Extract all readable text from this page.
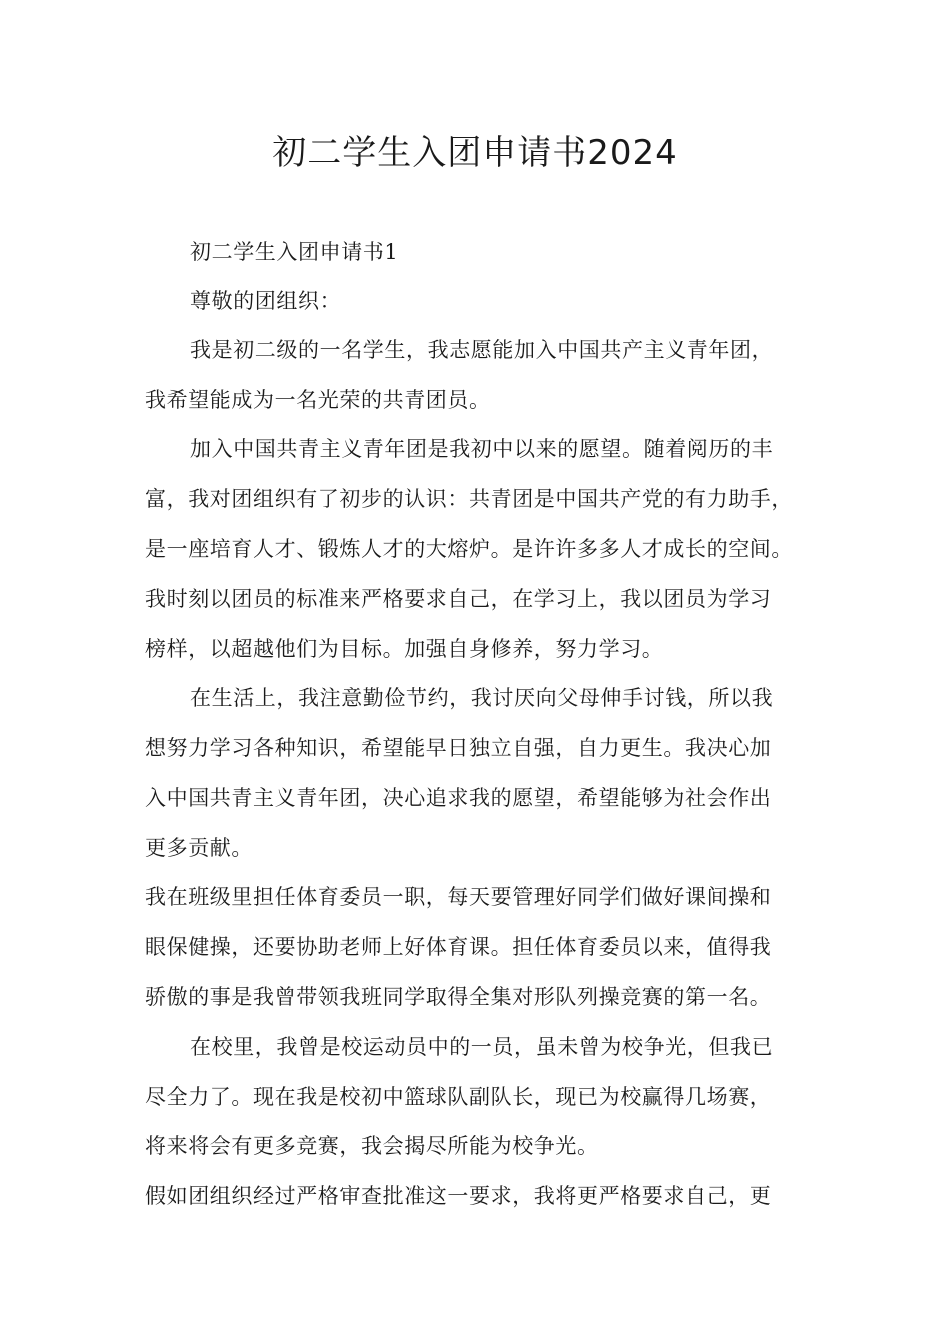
初二学生入团申请书2024
初二学生入团申请书1
尊敬的团组织：
我是初二级的一名学生，我志愿能加入中国共产主义青年团，
我希望能成为一名光荣的共青团员。
加入中国共青主义青年团是我初中以来的愿望。随着阅历的丰
富，我对团组织有了初步的认识：共青团是中国共产党的有力助手，
是一座培育人才、锻炼人才的大熔炉。是许许多多人才成长的空间。
我时刻以团员的标准来严格要求自己，在学习上，我以团员为学习
榜样，以超越他们为目标。加强自身修养，努力学习。
在生活上，我注意勤俭节约，我讨厌向父母伸手讨钱，所以我
想努力学习各种知识，希望能早日独立自强，自力更生。我决心加
入中国共青主义青年团，决心追求我的愿望，希望能够为社会作出
更多贡献。
我在班级里担任体育委员一职，每天要管理好同学们做好课间操和
眼保健操，还要协助老师上好体育课。担任体育委员以来，值得我
骄傲的事是我曾带领我班同学取得全集对形队列操竞赛的第一名。
在校里，我曾是校运动员中的一员，虽未曾为校争光，但我已
尽全力了。现在我是校初中篮球队副队长，现已为校赢得几场赛，
将来将会有更多竞赛，我会揭尽所能为校争光。
假如团组织经过严格审查批准这一要求，我将更严格要求自己，更
